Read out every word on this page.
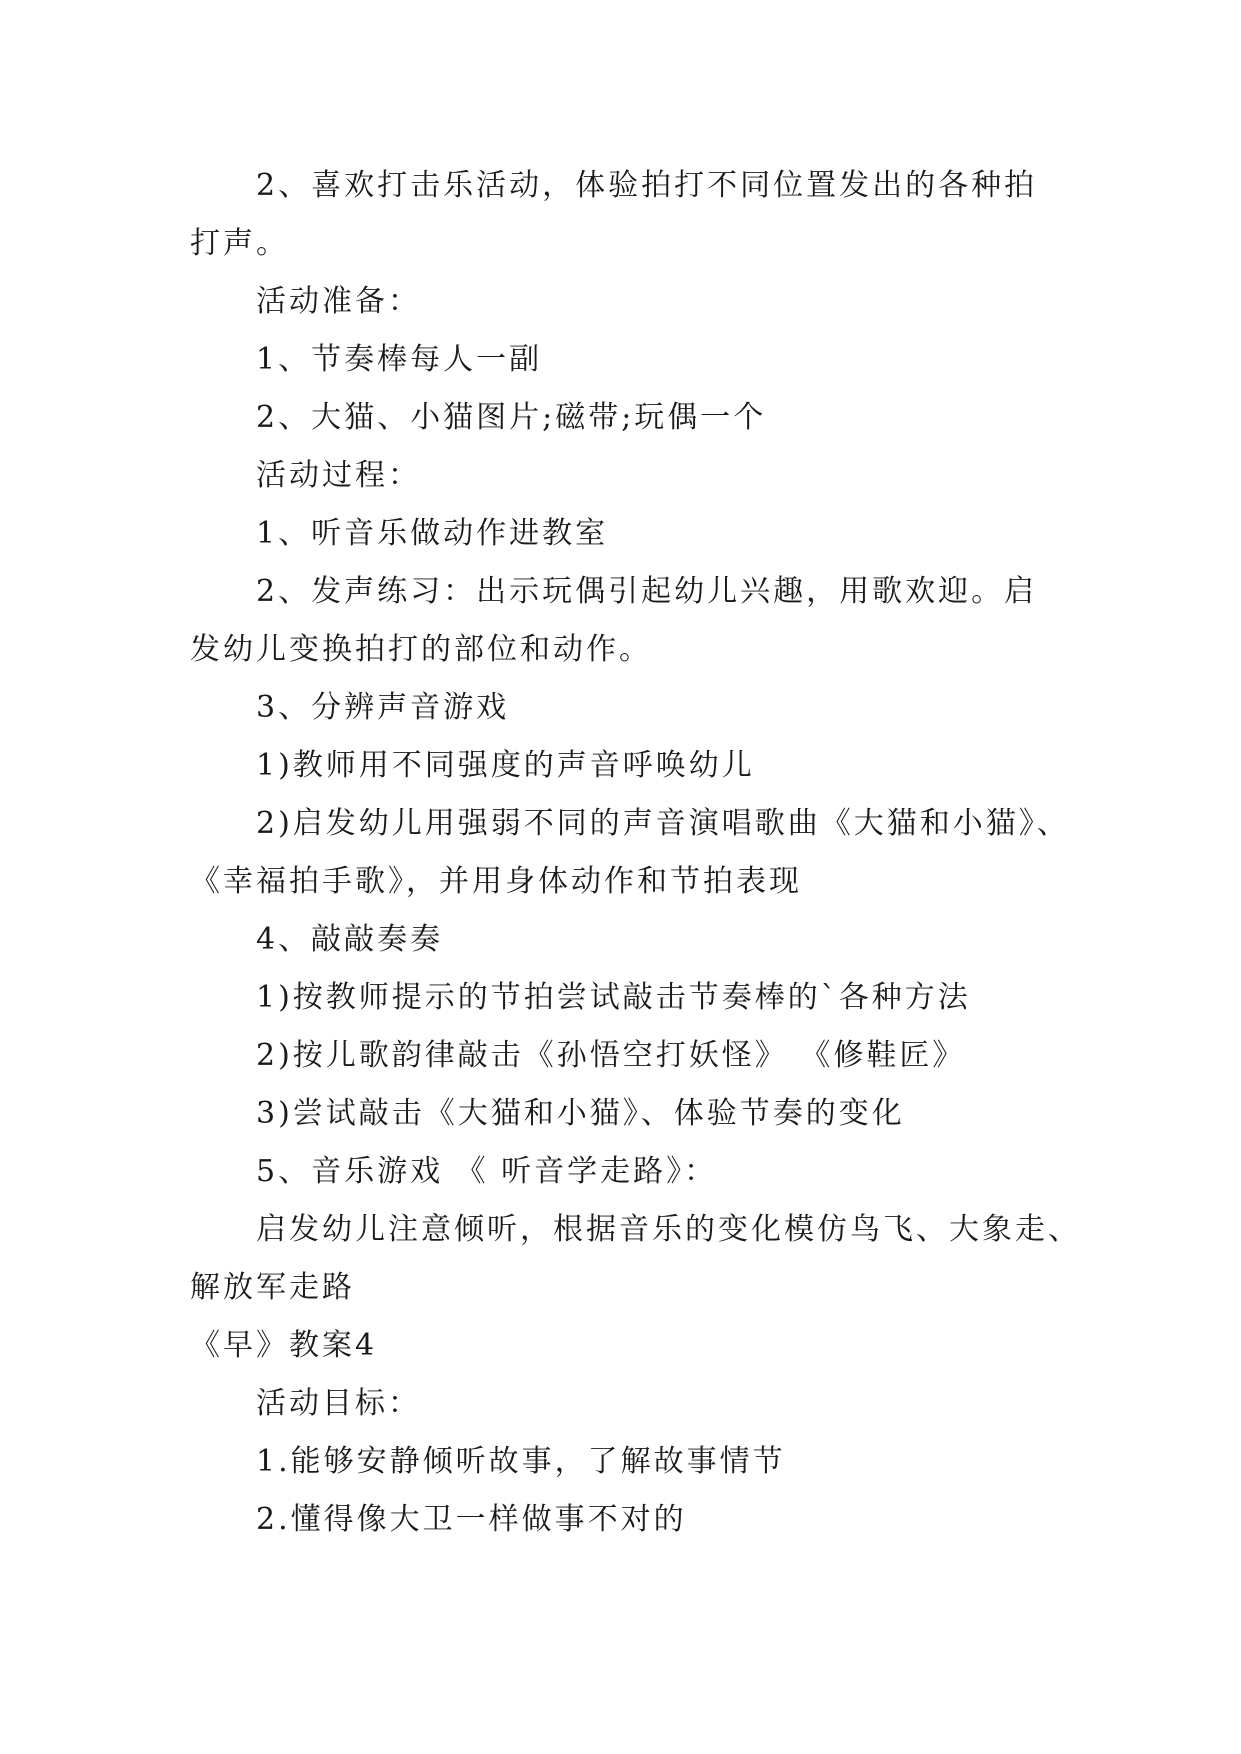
2、喜欢打击乐活动，体验拍打不同位置发出的各种拍
打声。
活动准备：
1、节奏棒每人一副
2、大猫、小猫图片;磁带;玩偶一个
活动过程：
1、听音乐做动作进教室
2、发声练习：出示玩偶引起幼儿兴趣，用歌欢迎。启
发幼儿变换拍打的部位和动作。
3、分辨声音游戏
1)教师用不同强度的声音呼唤幼儿
2)启发幼儿用强弱不同的声音演唱歌曲《大猫和小猫》、
《幸福拍手歌》，并用身体动作和节拍表现
4、敲敲奏奏
1)按教师提示的节拍尝试敲击节奏棒的`各种方法
2)按儿歌韵律敲击《孙悟空打妖怪》 《修鞋匠》
3)尝试敲击《大猫和小猫》、体验节奏的变化
5、音乐游戏 《 听音学走路》：
启发幼儿注意倾听，根据音乐的变化模仿鸟飞、大象走、
解放军走路
《早》教案4
活动目标：
1.能够安静倾听故事，了解故事情节
2.懂得像大卫一样做事不对的
